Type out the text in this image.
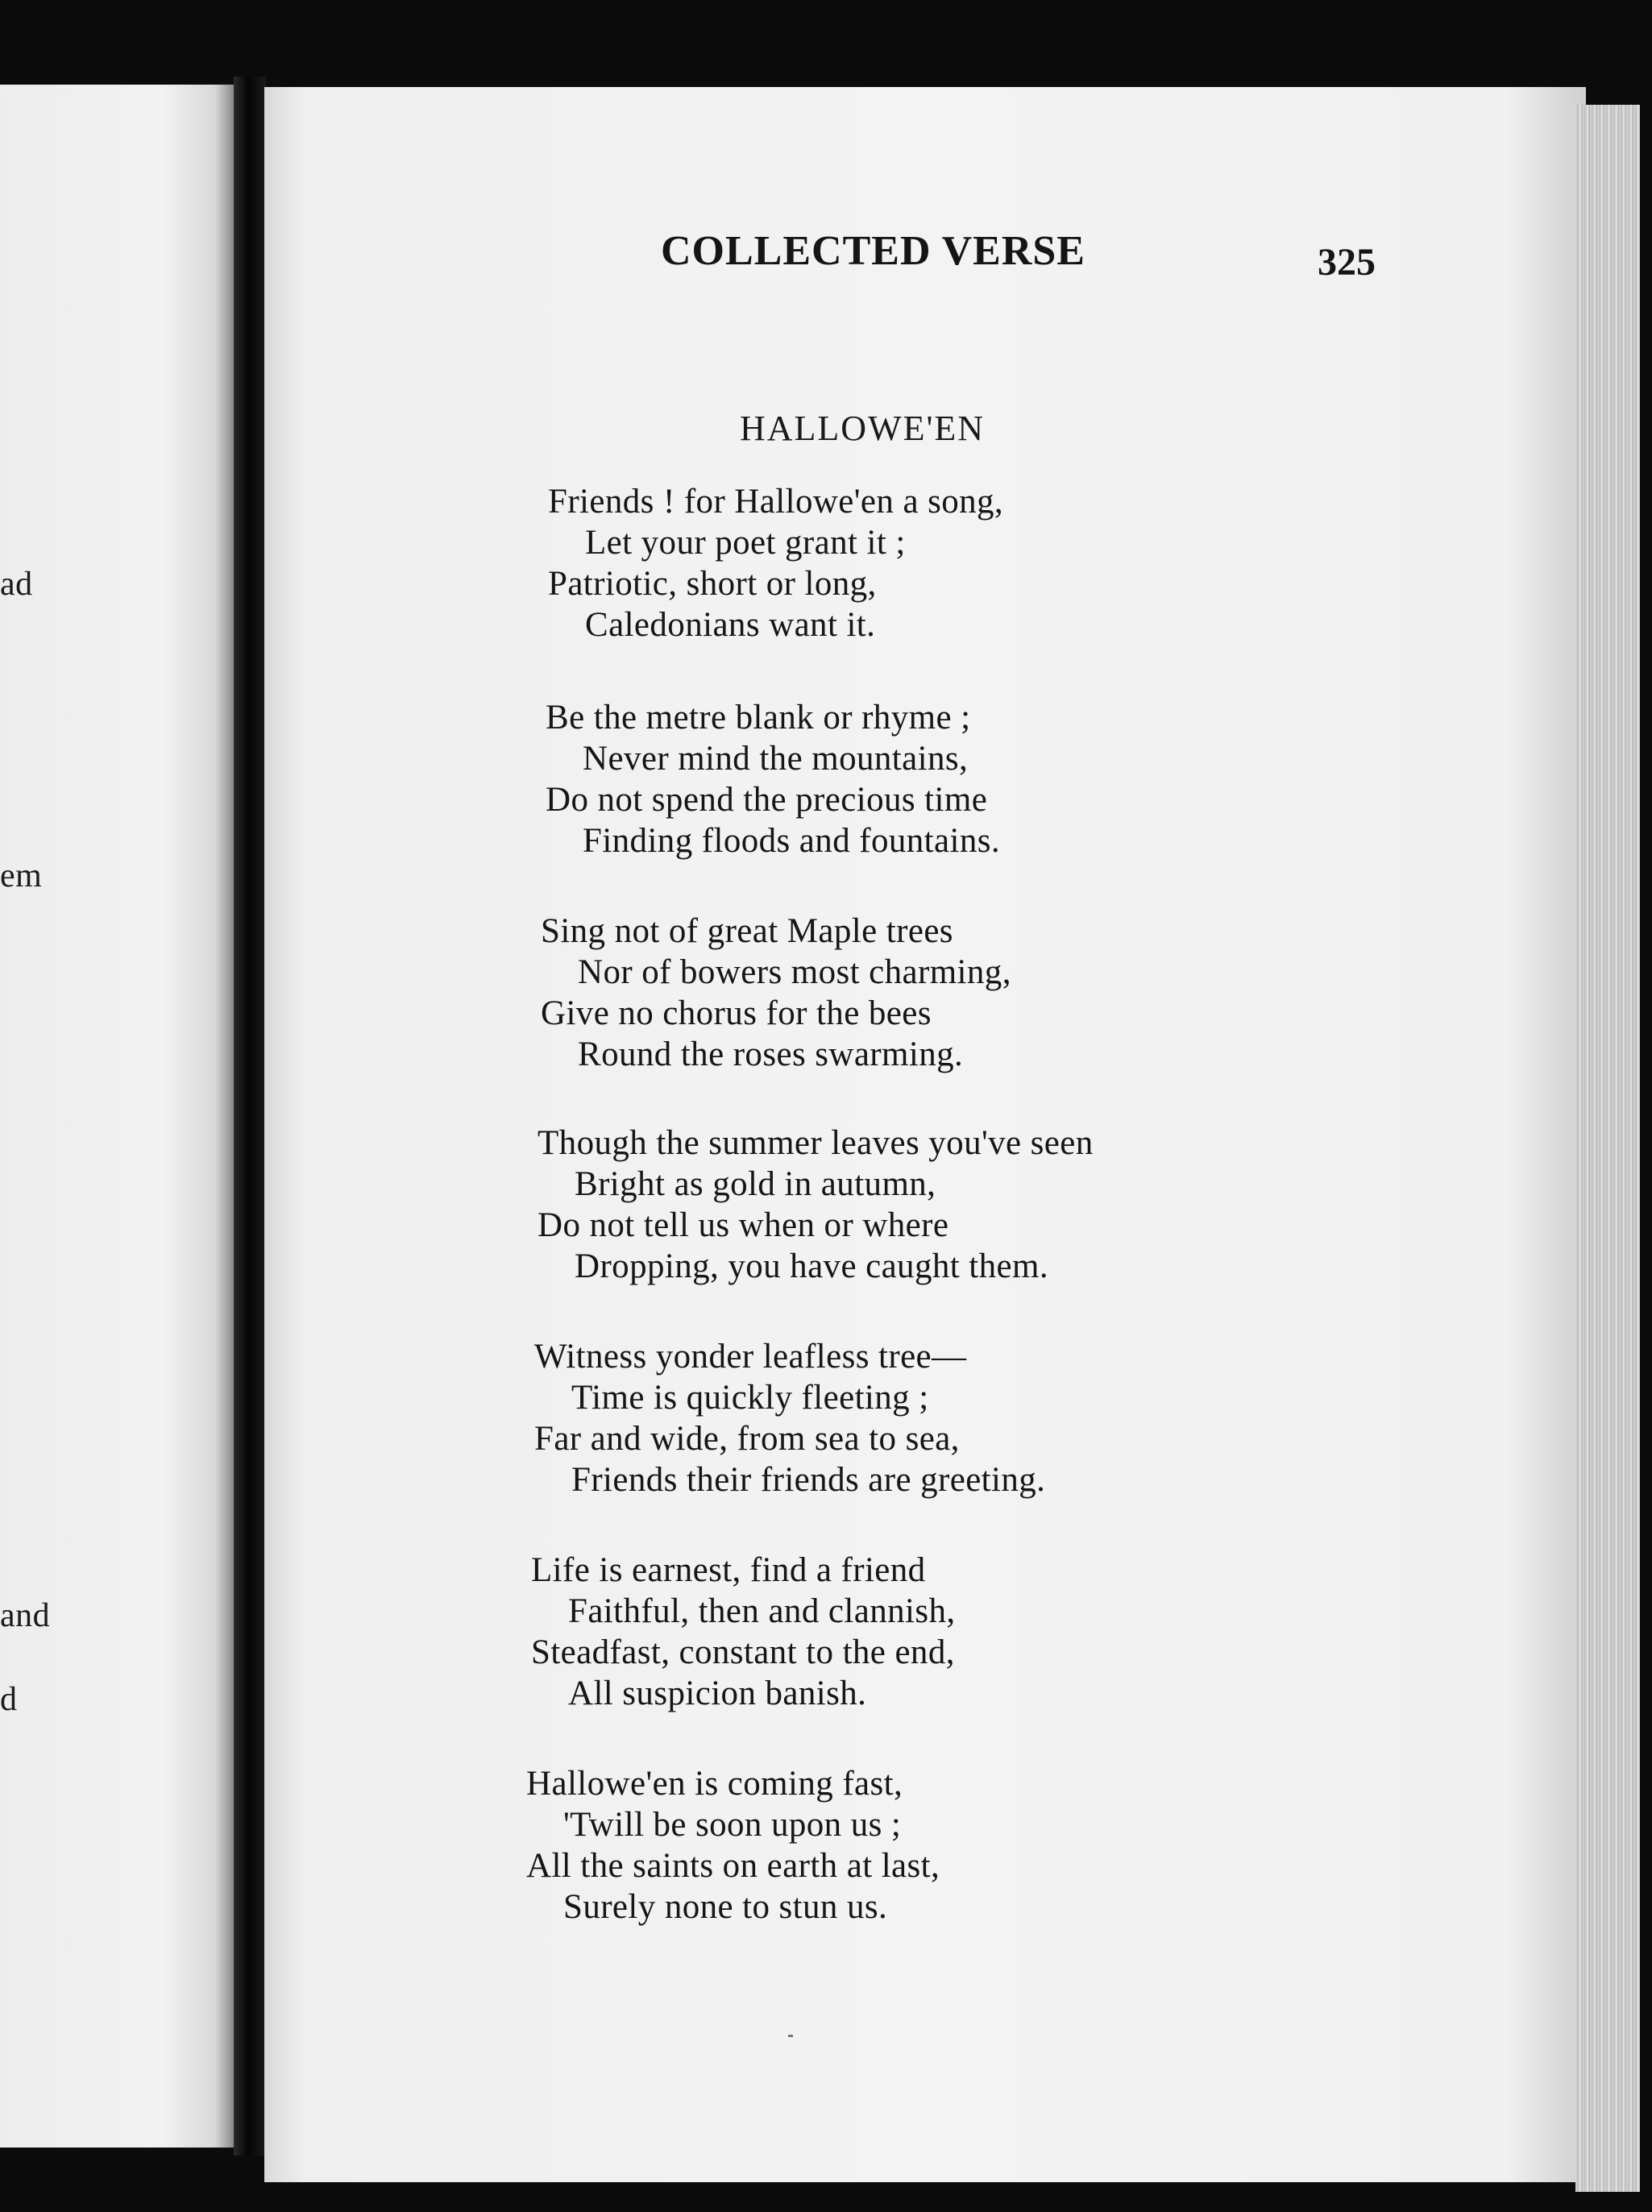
ad
em
and
d
COLLECTED VERSE	325
HALLOWE'EN
Friends ! for Hallowe'en a song,
Let your poet grant it ;
Patriotic, short or long,
Caledonians want it.
Be the metre blank or rhyme ;
Never mind the mountains,
Do not spend the precious time
Finding floods and fountains.
Sing not of great Maple trees
Nor of bowers most charming,
Give no chorus for the bees
Round the roses swarming.
Though the summer leaves you've seen
Bright as gold in autumn,
Do not tell us when or where
Dropping, you have caught them.
Witness yonder leafless tree—
Time is quickly fleeting ;
Far and wide, from sea to sea,
Friends their friends are greeting.
Life is earnest, find a friend
Faithful, then and clannish,
Steadfast, constant to the end,
All suspicion banish.
Hallowe'en is coming fast,
'Twill be soon upon us ;
All the saints on earth at last,
Surely none to stun us.
